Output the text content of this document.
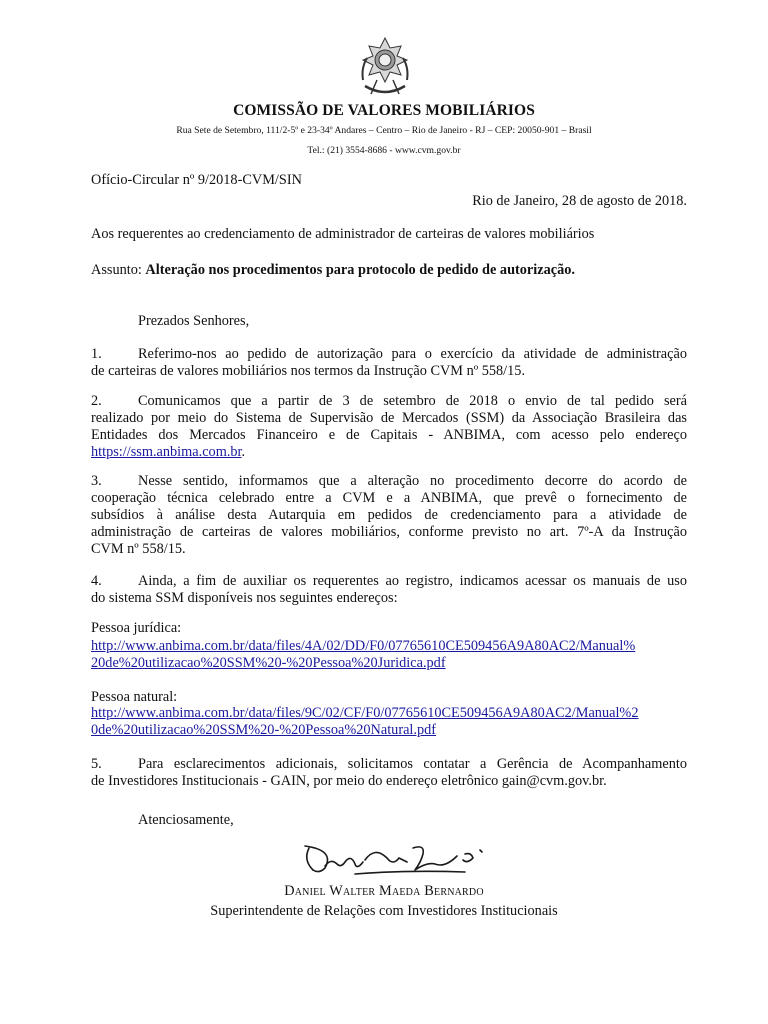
COMISSÃO DE VALORES MOBILIÁRIOS
Rua Sete de Setembro, 111/2-5º e 23-34º Andares – Centro – Rio de Janeiro - RJ – CEP: 20050-901 – Brasil
Tel.: (21) 3554-8686 - www.cvm.gov.br
Ofício-Circular nº 9/2018-CVM/SIN
Rio de Janeiro, 28 de agosto de 2018.
Aos requerentes ao credenciamento de administrador de carteiras de valores mobiliários
Assunto: Alteração nos procedimentos para protocolo de pedido de autorização.
Prezados Senhores,
1.	Referimo-nos ao pedido de autorização para o exercício da atividade de administração
de carteiras de valores mobiliários nos termos da Instrução CVM nº 558/15.
2.	Comunicamos que a partir de 3 de setembro de 2018 o envio de tal pedido será
realizado por meio do Sistema de Supervisão de Mercados (SSM) da Associação Brasileira das
Entidades dos Mercados Financeiro e de Capitais - ANBIMA, com acesso pelo endereço
https://ssm.anbima.com.br.
3.	Nesse sentido, informamos que a alteração no procedimento decorre do acordo de
cooperação técnica celebrado entre a CVM e a ANBIMA, que prevê o fornecimento de
subsídios à análise desta Autarquia em pedidos de credenciamento para a atividade de
administração de carteiras de valores mobiliários, conforme previsto no art. 7º-A da Instrução
CVM nº 558/15.
4.	Ainda, a fim de auxiliar os requerentes ao registro, indicamos acessar os manuais de uso
do sistema SSM disponíveis nos seguintes endereços:
Pessoa jurídica:
http://www.anbima.com.br/data/files/4A/02/DD/F0/07765610CE509456A9A80AC2/Manual%
20de%20utilizacao%20SSM%20-%20Pessoa%20Juridica.pdf
Pessoa natural:
http://www.anbima.com.br/data/files/9C/02/CF/F0/07765610CE509456A9A80AC2/Manual%2
0de%20utilizacao%20SSM%20-%20Pessoa%20Natural.pdf
5.	Para esclarecimentos adicionais, solicitamos contatar a Gerência de Acompanhamento
de Investidores Institucionais - GAIN, por meio do endereço eletrônico gain@cvm.gov.br.
Atenciosamente,
Daniel Walter Maeda Bernardo
Superintendente de Relações com Investidores Institucionais
